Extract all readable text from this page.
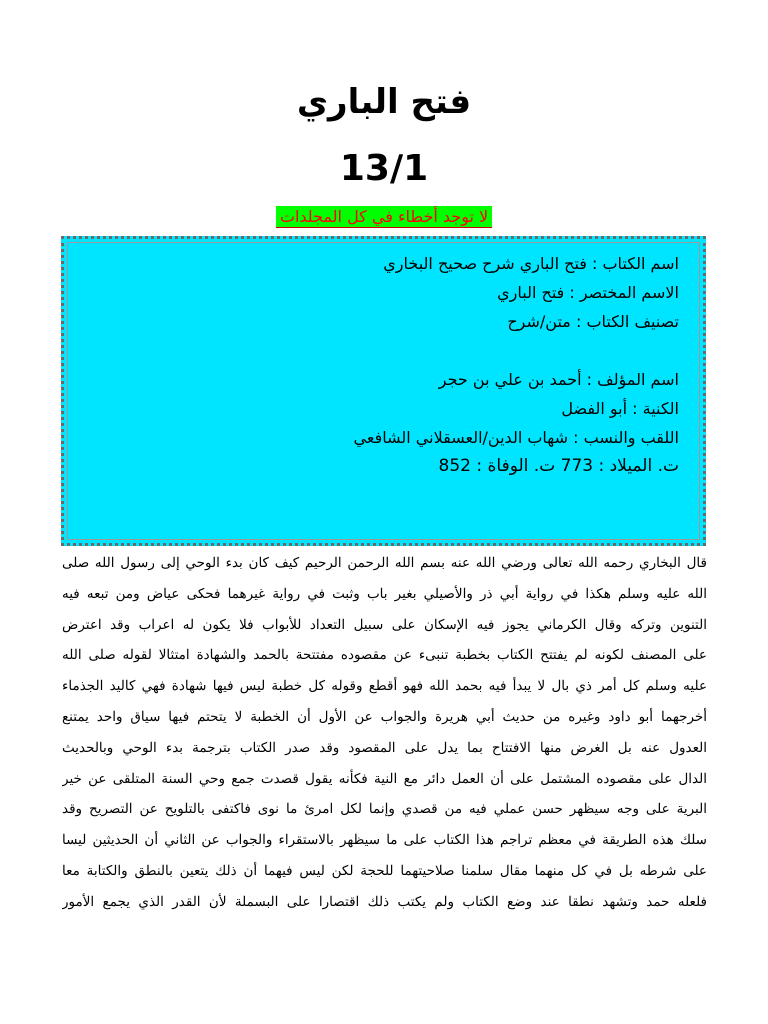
فتح الباري
13/1
لا توجد أخطاء في كل المجلدات
اسم الكتاب : فتح الباري شرح صحيح البخاري
الاسم المختصر : فتح الباري
تصنيف الكتاب : متن/شرح
اسم المؤلف : أحمد بن علي بن حجر
الكنية : أبو الفضل
اللقب والنسب : شهاب الدين/العسقلاني الشافعي
ت. الميلاد : 773 ت. الوفاة : 852
قال البخاري رحمه الله تعالى ورضي الله عنه بسم الله الرحمن الرحيم كيف كان بدء الوحي إلى رسول الله صلى
الله عليه وسلم هكذا في رواية أبي ذر والأصيلي بغير باب وثبت في رواية غيرهما فحكى عياض ومن تبعه فيه
التنوين وتركه وقال الكرماني يجوز فيه الإسكان على سبيل التعداد للأبواب فلا يكون له اعراب وقد اعترض
على المصنف لكونه لم يفتتح الكتاب بخطبة تنبىء عن مقصوده مفتتحة بالحمد والشهادة امتثالا لقوله صلى الله
عليه وسلم كل أمر ذي بال لا يبدأ فيه بحمد الله فهو أقطع وقوله كل خطبة ليس فيها شهادة فهي كاليد الجذماء
أخرجهما أبو داود وغيره من حديث أبي هريرة والجواب عن الأول أن الخطبة لا يتحتم فيها سياق واحد يمتنع
العدول عنه بل الغرض منها الافتتاح بما يدل على المقصود وقد صدر الكتاب بترجمة بدء الوحي وبالحديث
الدال على مقصوده المشتمل على أن العمل دائر مع النية فكأنه يقول قصدت جمع وحي السنة المتلقى عن خير
البرية على وجه سيظهر حسن عملي فيه من قصدي وإنما لكل امرئ ما نوى فاكتفى بالتلويح عن التصريح وقد
سلك هذه الطريقة في معظم تراجم هذا الكتاب على ما سيظهر بالاستقراء والجواب عن الثاني أن الحديثين ليسا
على شرطه بل في كل منهما مقال سلمنا صلاحيتهما للحجة لكن ليس فيهما أن ذلك يتعين بالنطق والكتابة معا
فلعله حمد وتشهد نطقا عند وضع الكتاب ولم يكتب ذلك اقتصارا على البسملة لأن القدر الذي يجمع الأمور
